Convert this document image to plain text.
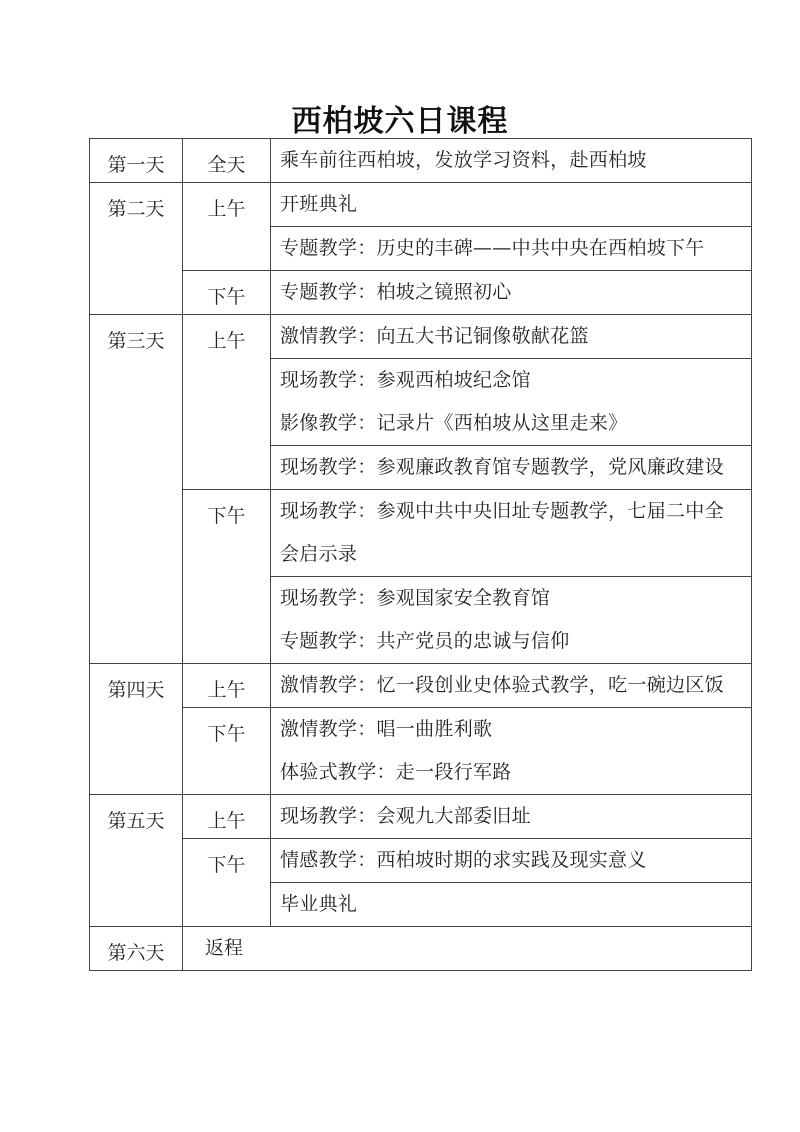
西柏坡六日课程
第一天	全天	乘车前往西柏坡，发放学习资料，赴西柏坡

第二天	上午	开班典礼

		专题教学：历史的丰碑——中共中央在西柏坡下午

	下午	专题教学：柏坡之镜照初心

第三天	上午	激情教学：向五大书记铜像敬献花篮

		现场教学：参观西柏坡纪念馆
影像教学：记录片《西柏坡从这里走来》

		现场教学：参观廉政教育馆专题教学，党风廉政建设

	下午	现场教学：参观中共中央旧址专题教学，七届二中全
会启示录

		现场教学：参观国家安全教育馆
专题教学：共产党员的忠诚与信仰

第四天	上午	激情教学：忆一段创业史体验式教学，吃一碗边区饭

	下午	激情教学：唱一曲胜利歌
体验式教学：走一段行军路

第五天	上午	现场教学：会观九大部委旧址

	下午	情感教学：西柏坡时期的求实践及现实意义

		毕业典礼

第六天	返程	
